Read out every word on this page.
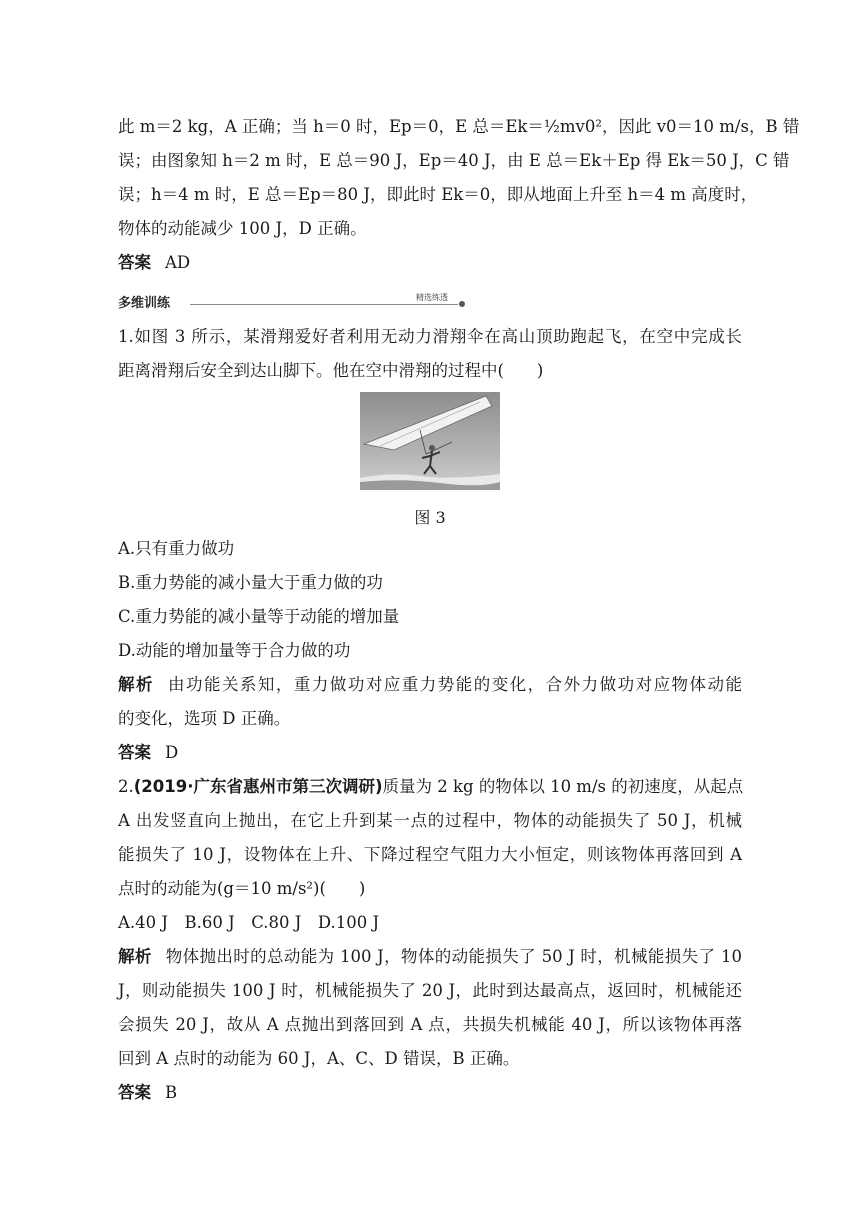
此 m＝2 kg，A 正确；当 h＝0 时，Ep＝0，E 总＝Ek＝½mv0²，因此 v0＝10 m/s，B 错
误；由图象知 h＝2 m 时，E 总＝90 J，Ep＝40 J，由 E 总＝Ek＋Ep 得 Ek＝50 J，C 错
误；h＝4 m 时，E 总＝Ep＝80 J，即此时 Ek＝0，即从地面上升至 h＝4 m 高度时，
物体的动能减少 100 J，D 正确。
答案 AD
多维训练	精选练透
1.如图 3 所示，某滑翔爱好者利用无动力滑翔伞在高山顶助跑起飞，在空中完成长
距离滑翔后安全到达山脚下。他在空中滑翔的过程中(　　)
图 3
A.只有重力做功
B.重力势能的减小量大于重力做的功
C.重力势能的减小量等于动能的增加量
D.动能的增加量等于合力做的功
解析 由功能关系知，重力做功对应重力势能的变化，合外力做功对应物体动能
的变化，选项 D 正确。
答案 D
2.(2019·广东省惠州市第三次调研)质量为 2 kg 的物体以 10 m/s 的初速度，从起点
A 出发竖直向上抛出，在它上升到某一点的过程中，物体的动能损失了 50 J，机械
能损失了 10 J，设物体在上升、下降过程空气阻力大小恒定，则该物体再落回到 A
点时的动能为(g＝10 m/s²)(　　)
A.40 J　B.60 J　C.80 J　D.100 J
解析 物体抛出时的总动能为 100 J，物体的动能损失了 50 J 时，机械能损失了 10
J，则动能损失 100 J 时，机械能损失了 20 J，此时到达最高点，返回时，机械能还
会损失 20 J，故从 A 点抛出到落回到 A 点，共损失机械能 40 J，所以该物体再落
回到 A 点时的动能为 60 J，A、C、D 错误，B 正确。
答案 B
